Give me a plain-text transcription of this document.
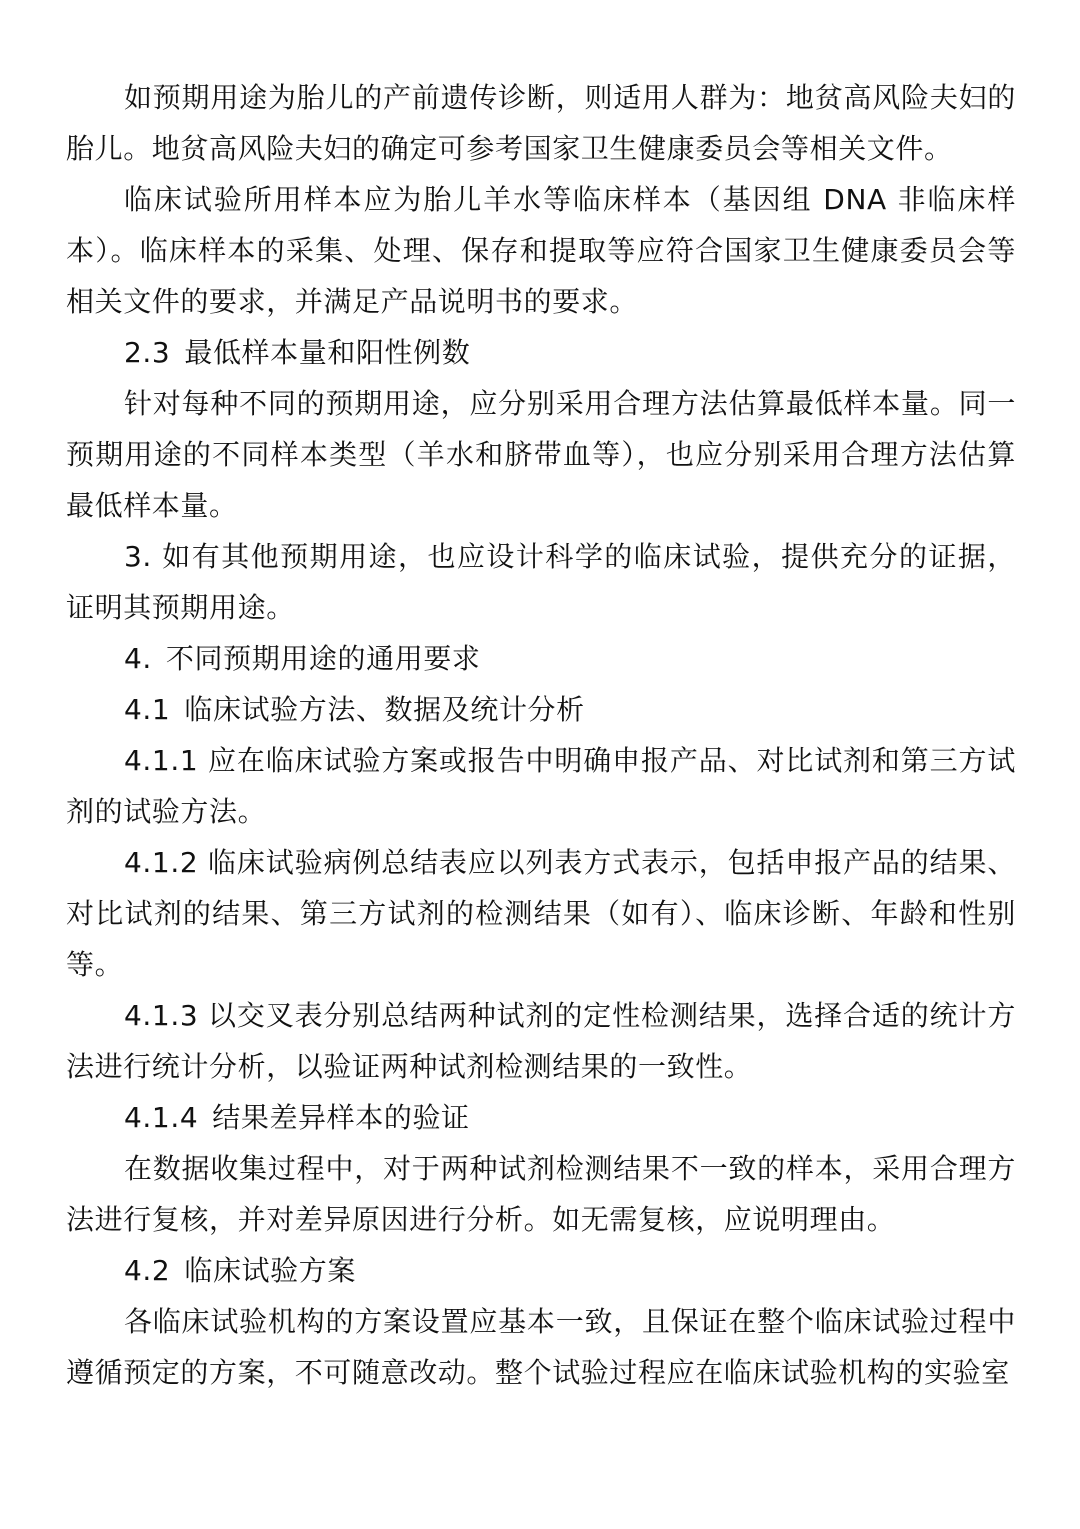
如预期用途为胎儿的产前遗传诊断，则适用人群为：地贫高风险夫妇的胎儿。地贫高风险夫妇的确定可参考国家卫生健康委员会等相关文件。

临床试验所用样本应为胎儿羊水等临床样本（基因组 DNA 非临床样本）。临床样本的采集、处理、保存和提取等应符合国家卫生健康委员会等相关文件的要求，并满足产品说明书的要求。

2.3 最低样本量和阳性例数

针对每种不同的预期用途，应分别采用合理方法估算最低样本量。同一预期用途的不同样本类型（羊水和脐带血等），也应分别采用合理方法估算最低样本量。

3. 如有其他预期用途，也应设计科学的临床试验，提供充分的证据，证明其预期用途。

4. 不同预期用途的通用要求

4.1 临床试验方法、数据及统计分析

4.1.1 应在临床试验方案或报告中明确申报产品、对比试剂和第三方试剂的试验方法。

4.1.2 临床试验病例总结表应以列表方式表示，包括申报产品的结果、对比试剂的结果、第三方试剂的检测结果（如有）、临床诊断、年龄和性别等。

4.1.3 以交叉表分别总结两种试剂的定性检测结果，选择合适的统计方法进行统计分析，以验证两种试剂检测结果的一致性。

4.1.4 结果差异样本的验证

在数据收集过程中，对于两种试剂检测结果不一致的样本，采用合理方法进行复核，并对差异原因进行分析。如无需复核，应说明理由。

4.2 临床试验方案

各临床试验机构的方案设置应基本一致，且保证在整个临床试验过程中遵循预定的方案，不可随意改动。整个试验过程应在临床试验机构的实验室
